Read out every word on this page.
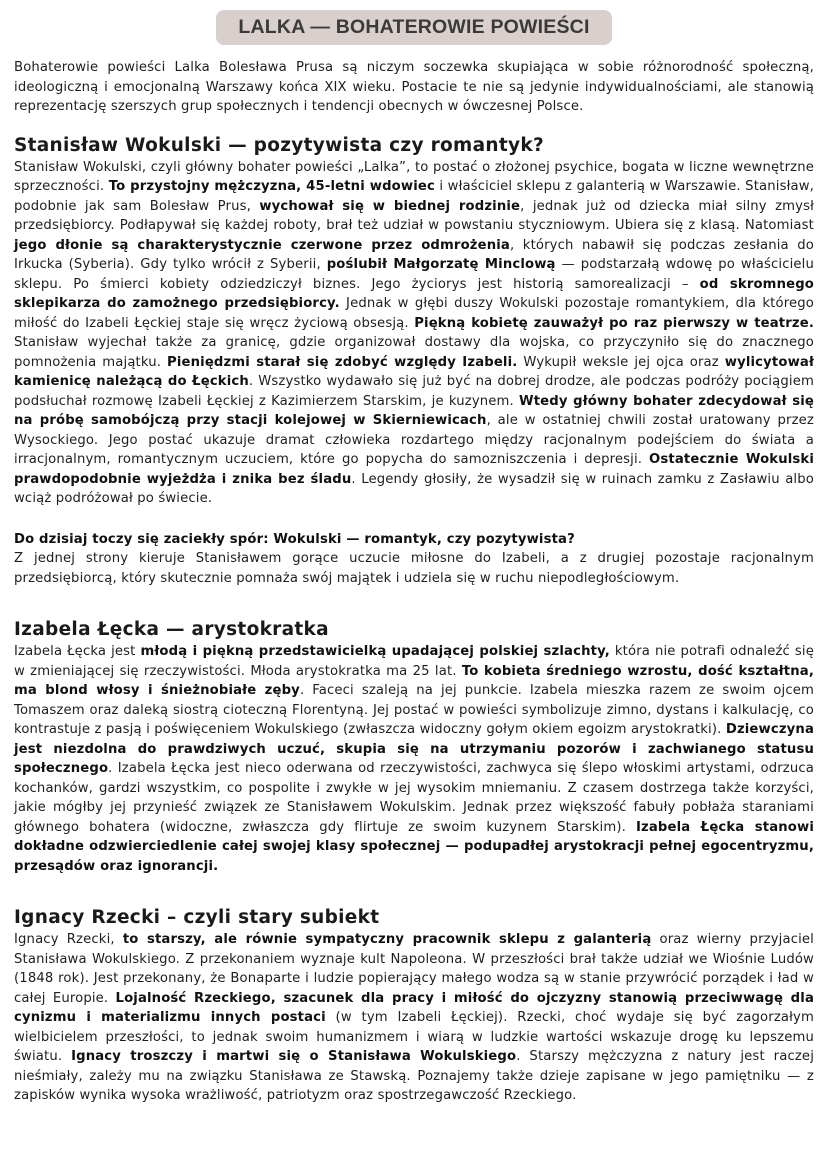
LALKA — BOHATEROWIE POWIEŚCI

Bohaterowie powieści Lalka Bolesława Prusa są niczym soczewka skupiająca w sobie różnorodność społeczną, ideologiczną i emocjonalną Warszawy końca XIX wieku. Postacie te nie są jedynie indywidualnościami, ale stanowią reprezentację szerszych grup społecznych i tendencji obecnych w ówczesnej Polsce.

Stanisław Wokulski — pozytywista czy romantyk?

Stanisław Wokulski, czyli główny bohater powieści „Lalka”, to postać o złożonej psychice, bogata w liczne wewnętrzne sprzeczności. To przystojny mężczyzna, 45-letni wdowiec i właściciel sklepu z galanterią w Warszawie. Stanisław, podobnie jak sam Bolesław Prus, wychował się w biednej rodzinie, jednak już od dziecka miał silny zmysł przedsiębiorcy. Podłapywał się każdej roboty, brał też udział w powstaniu styczniowym. Ubiera się z klasą. Natomiast jego dłonie są charakterystycznie czerwone przez odmrożenia, których nabawił się podczas zesłania do Irkucka (Syberia). Gdy tylko wrócił z Syberii, poślubił Małgorzatę Minclową — podstarzałą wdowę po właścicielu sklepu. Po śmierci kobiety odziedziczył biznes. Jego życiorys jest historią samorealizacji – od skromnego sklepikarza do zamożnego przedsiębiorcy. Jednak w głębi duszy Wokulski pozostaje romantykiem, dla którego miłość do Izabeli Łęckiej staje się wręcz życiową obsesją. Piękną kobietę zauważył po raz pierwszy w teatrze. Stanisław wyjechał także za granicę, gdzie organizował dostawy dla wojska, co przyczyniło się do znacznego pomnożenia majątku. Pieniędzmi starał się zdobyć względy Izabeli. Wykupił weksle jej ojca oraz wylicytował kamienicę należącą do Łęckich. Wszystko wydawało się już być na dobrej drodze, ale podczas podróży pociągiem podsłuchał rozmowę Izabeli Łęckiej z Kazimierzem Starskim, je kuzynem. Wtedy główny bohater zdecydował się na próbę samobójczą przy stacji kolejowej w Skierniewicach, ale w ostatniej chwili został uratowany przez Wysockiego. Jego postać ukazuje dramat człowieka rozdartego między racjonalnym podejściem do świata a irracjonalnym, romantycznym uczuciem, które go popycha do samozniszczenia i depresji. Ostatecznie Wokulski prawdopodobnie wyjeżdża i znika bez śladu. Legendy głosiły, że wysadził się w ruinach zamku z Zasławiu albo wciąż podróżował po świecie.

Do dzisiaj toczy się zaciekły spór: Wokulski — romantyk, czy pozytywista?

Z jednej strony kieruje Stanisławem gorące uczucie miłosne do Izabeli, a z drugiej pozostaje racjonalnym przedsiębiorcą, który skutecznie pomnaża swój majątek i udziela się w ruchu niepodległościowym.

Izabela Łęcka — arystokratka

Izabela Łęcka jest młodą i piękną przedstawicielką upadającej polskiej szlachty, która nie potrafi odnaleźć się w zmieniającej się rzeczywistości. Młoda arystokratka ma 25 lat. To kobieta średniego wzrostu, dość kształtna, ma blond włosy i śnieżnobiałe zęby. Faceci szaleją na jej punkcie. Izabela mieszka razem ze swoim ojcem Tomaszem oraz daleką siostrą cioteczną Florentyną. Jej postać w powieści symbolizuje zimno, dystans i kalkulację, co kontrastuje z pasją i poświęceniem Wokulskiego (zwłaszcza widoczny gołym okiem egoizm arystokratki). Dziewczyna jest niezdolna do prawdziwych uczuć, skupia się na utrzymaniu pozorów i zachwianego statusu społecznego. Izabela Łęcka jest nieco oderwana od rzeczywistości, zachwyca się ślepo włoskimi artystami, odrzuca kochanków, gardzi wszystkim, co pospolite i zwykłe w jej wysokim mniemaniu. Z czasem dostrzega także korzyści, jakie mógłby jej przynieść związek ze Stanisławem Wokulskim. Jednak przez większość fabuły pobłaża staraniami głównego bohatera (widoczne, zwłaszcza gdy flirtuje ze swoim kuzynem Starskim). Izabela Łęcka stanowi dokładne odzwierciedlenie całej swojej klasy społecznej — podupadłej arystokracji pełnej egocentryzmu, przesądów oraz ignorancji.

Ignacy Rzecki – czyli stary subiekt

Ignacy Rzecki, to starszy, ale równie sympatyczny pracownik sklepu z galanterią oraz wierny przyjaciel Stanisława Wokulskiego. Z przekonaniem wyznaje kult Napoleona. W przeszłości brał także udział we Wiośnie Ludów (1848 rok). Jest przekonany, że Bonaparte i ludzie popierający małego wodza są w stanie przywrócić porządek i ład w całej Europie. Lojalność Rzeckiego, szacunek dla pracy i miłość do ojczyzny stanowią przeciwwagę dla cynizmu i materializmu innych postaci (w tym Izabeli Łęckiej). Rzecki, choć wydaje się być zagorzałym wielbicielem przeszłości, to jednak swoim humanizmem i wiarą w ludzkie wartości wskazuje drogę ku lepszemu światu. Ignacy troszczy i martwi się o Stanisława Wokulskiego. Starszy mężczyzna z natury jest raczej nieśmiały, zależy mu na związku Stanisława ze Stawską. Poznajemy także dzieje zapisane w jego pamiętniku — z zapisków wynika wysoka wrażliwość, patriotyzm oraz spostrzegawczość Rzeckiego.
